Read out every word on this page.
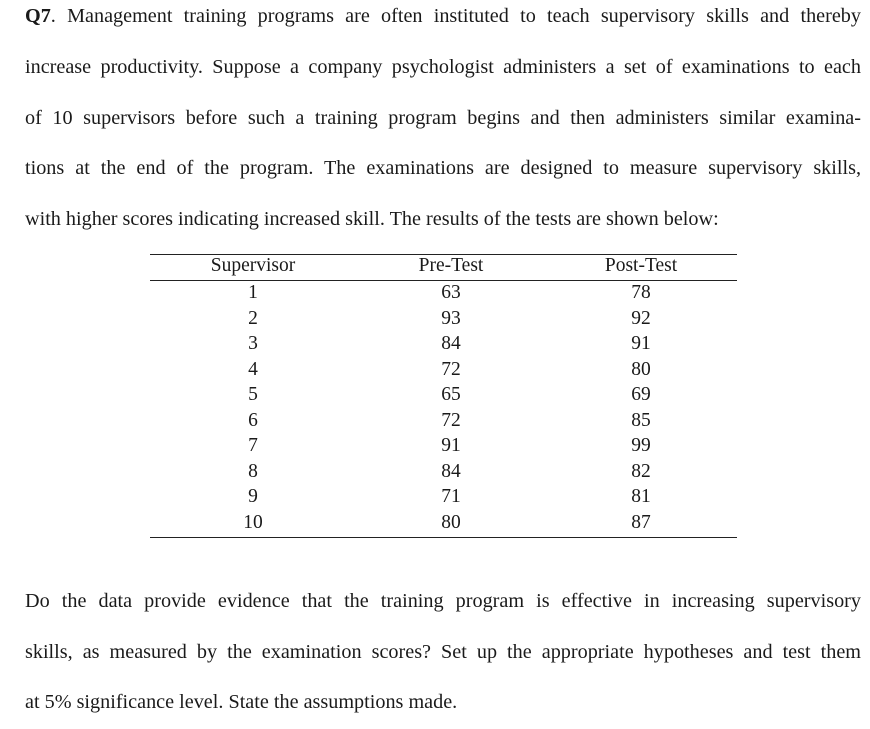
Q7. Management training programs are often instituted to teach supervisory skills and thereby
increase productivity. Suppose a company psychologist administers a set of examinations to each
of 10 supervisors before such a training program begins and then administers similar examina-
tions at the end of the program. The examinations are designed to measure supervisory skills,
with higher scores indicating increased skill. The results of the tests are shown below:
Supervisor	Pre-Test	Post-Test
1	63	78
2	93	92
3	84	91
4	72	80
5	65	69
6	72	85
7	91	99
8	84	82
9	71	81
10	80	87
Do the data provide evidence that the training program is effective in increasing supervisory
skills, as measured by the examination scores? Set up the appropriate hypotheses and test them
at 5% significance level. State the assumptions made.
